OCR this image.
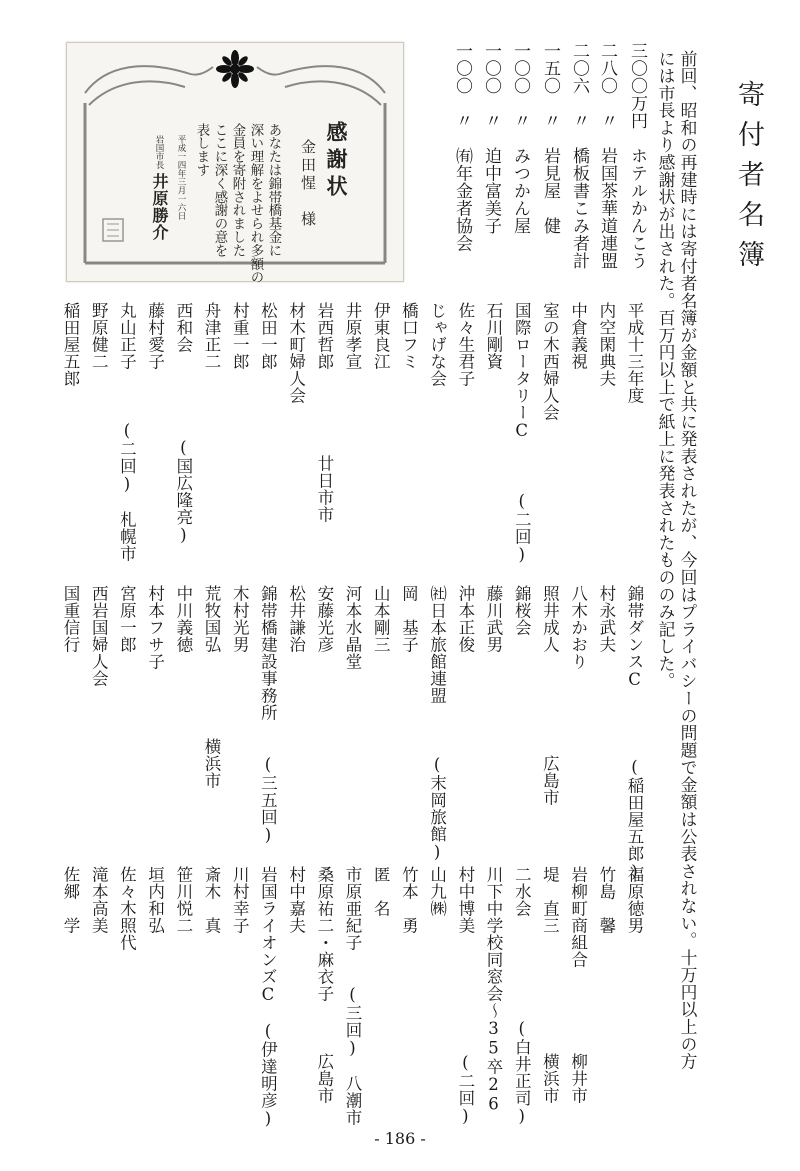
寄付者名簿
前回、昭和の再建時には寄付者名簿が金額と共に発表されたが、今回はプライバシーの問題で金額は公表されない。十万円以上の方
には市長より感謝状が出された。百万円以上で紙上に発表されたもののみ記した。
三〇〇万円　ホテルかんこう
二八〇　〃　岩国茶華道連盟
二〇六　〃　橋板書こみ者計
一五〇　〃　岩見屋　健
一〇〇　〃　みつかん屋
一〇〇　〃　迫中富美子
一〇〇　〃　㈲年金者協会
感謝状
金田惺　様
あなたは錦帯橋基金に
深い理解をよせられ多額の
金員を寄附されました
ここに深く感謝の意を
表します
平成一四年三月一六日
岩国市長
井原勝介
平成十三年度
錦帯ダンスC　　　　(稲田屋五郎)
福原徳男
内空閑典夫
村永武夫
竹島　馨
中倉義視
八木かおり
岩柳町商組合　　　　　柳井市
室の木西婦人会
照井成人　　　　　　広島市
堤　直三　　　　　　　横浜市
国際ロータリーC　　　(二回)
錦桜会
二水会　　　　　　(白井正司)
石川剛資
藤川武男
川下中学校同窓会〜35卒26
佐々生君子
沖本正俊
村中博美　　　　　　　(二回)
じゃげな会
㈳日本旅館連盟　　　(末岡旅館)
山九㈱
橋口フミ
岡　基子
竹本　勇
伊東良江
山本剛三
匿　名
井原孝宣
河本水晶堂
市原亜紀子　　(三回)　八潮市
岩西哲郎　　　　　廿日市市
安藤光彦
桑原祐二・麻衣子　　　広島市
材木町婦人会
松井謙治
村中嘉夫
松田一郎
錦帯橋建設事務所　　(三五回)
岩国ライオンズC　(伊達明彦)
村重一郎
木村光男
川村幸子
舟津正二
荒牧国弘　　　　　横浜市
斎木　真
西和会　　　　　(国広隆亮)
中川義徳
笹川悦二
藤村愛子
村本フサ子
垣内和弘
丸山正子　　　(二回)　札幌市
宮原一郎
佐々木照代
野原健二
西岩国婦人会
滝本高美
稲田屋五郎
国重信行
佐郷　学
- 186 -
